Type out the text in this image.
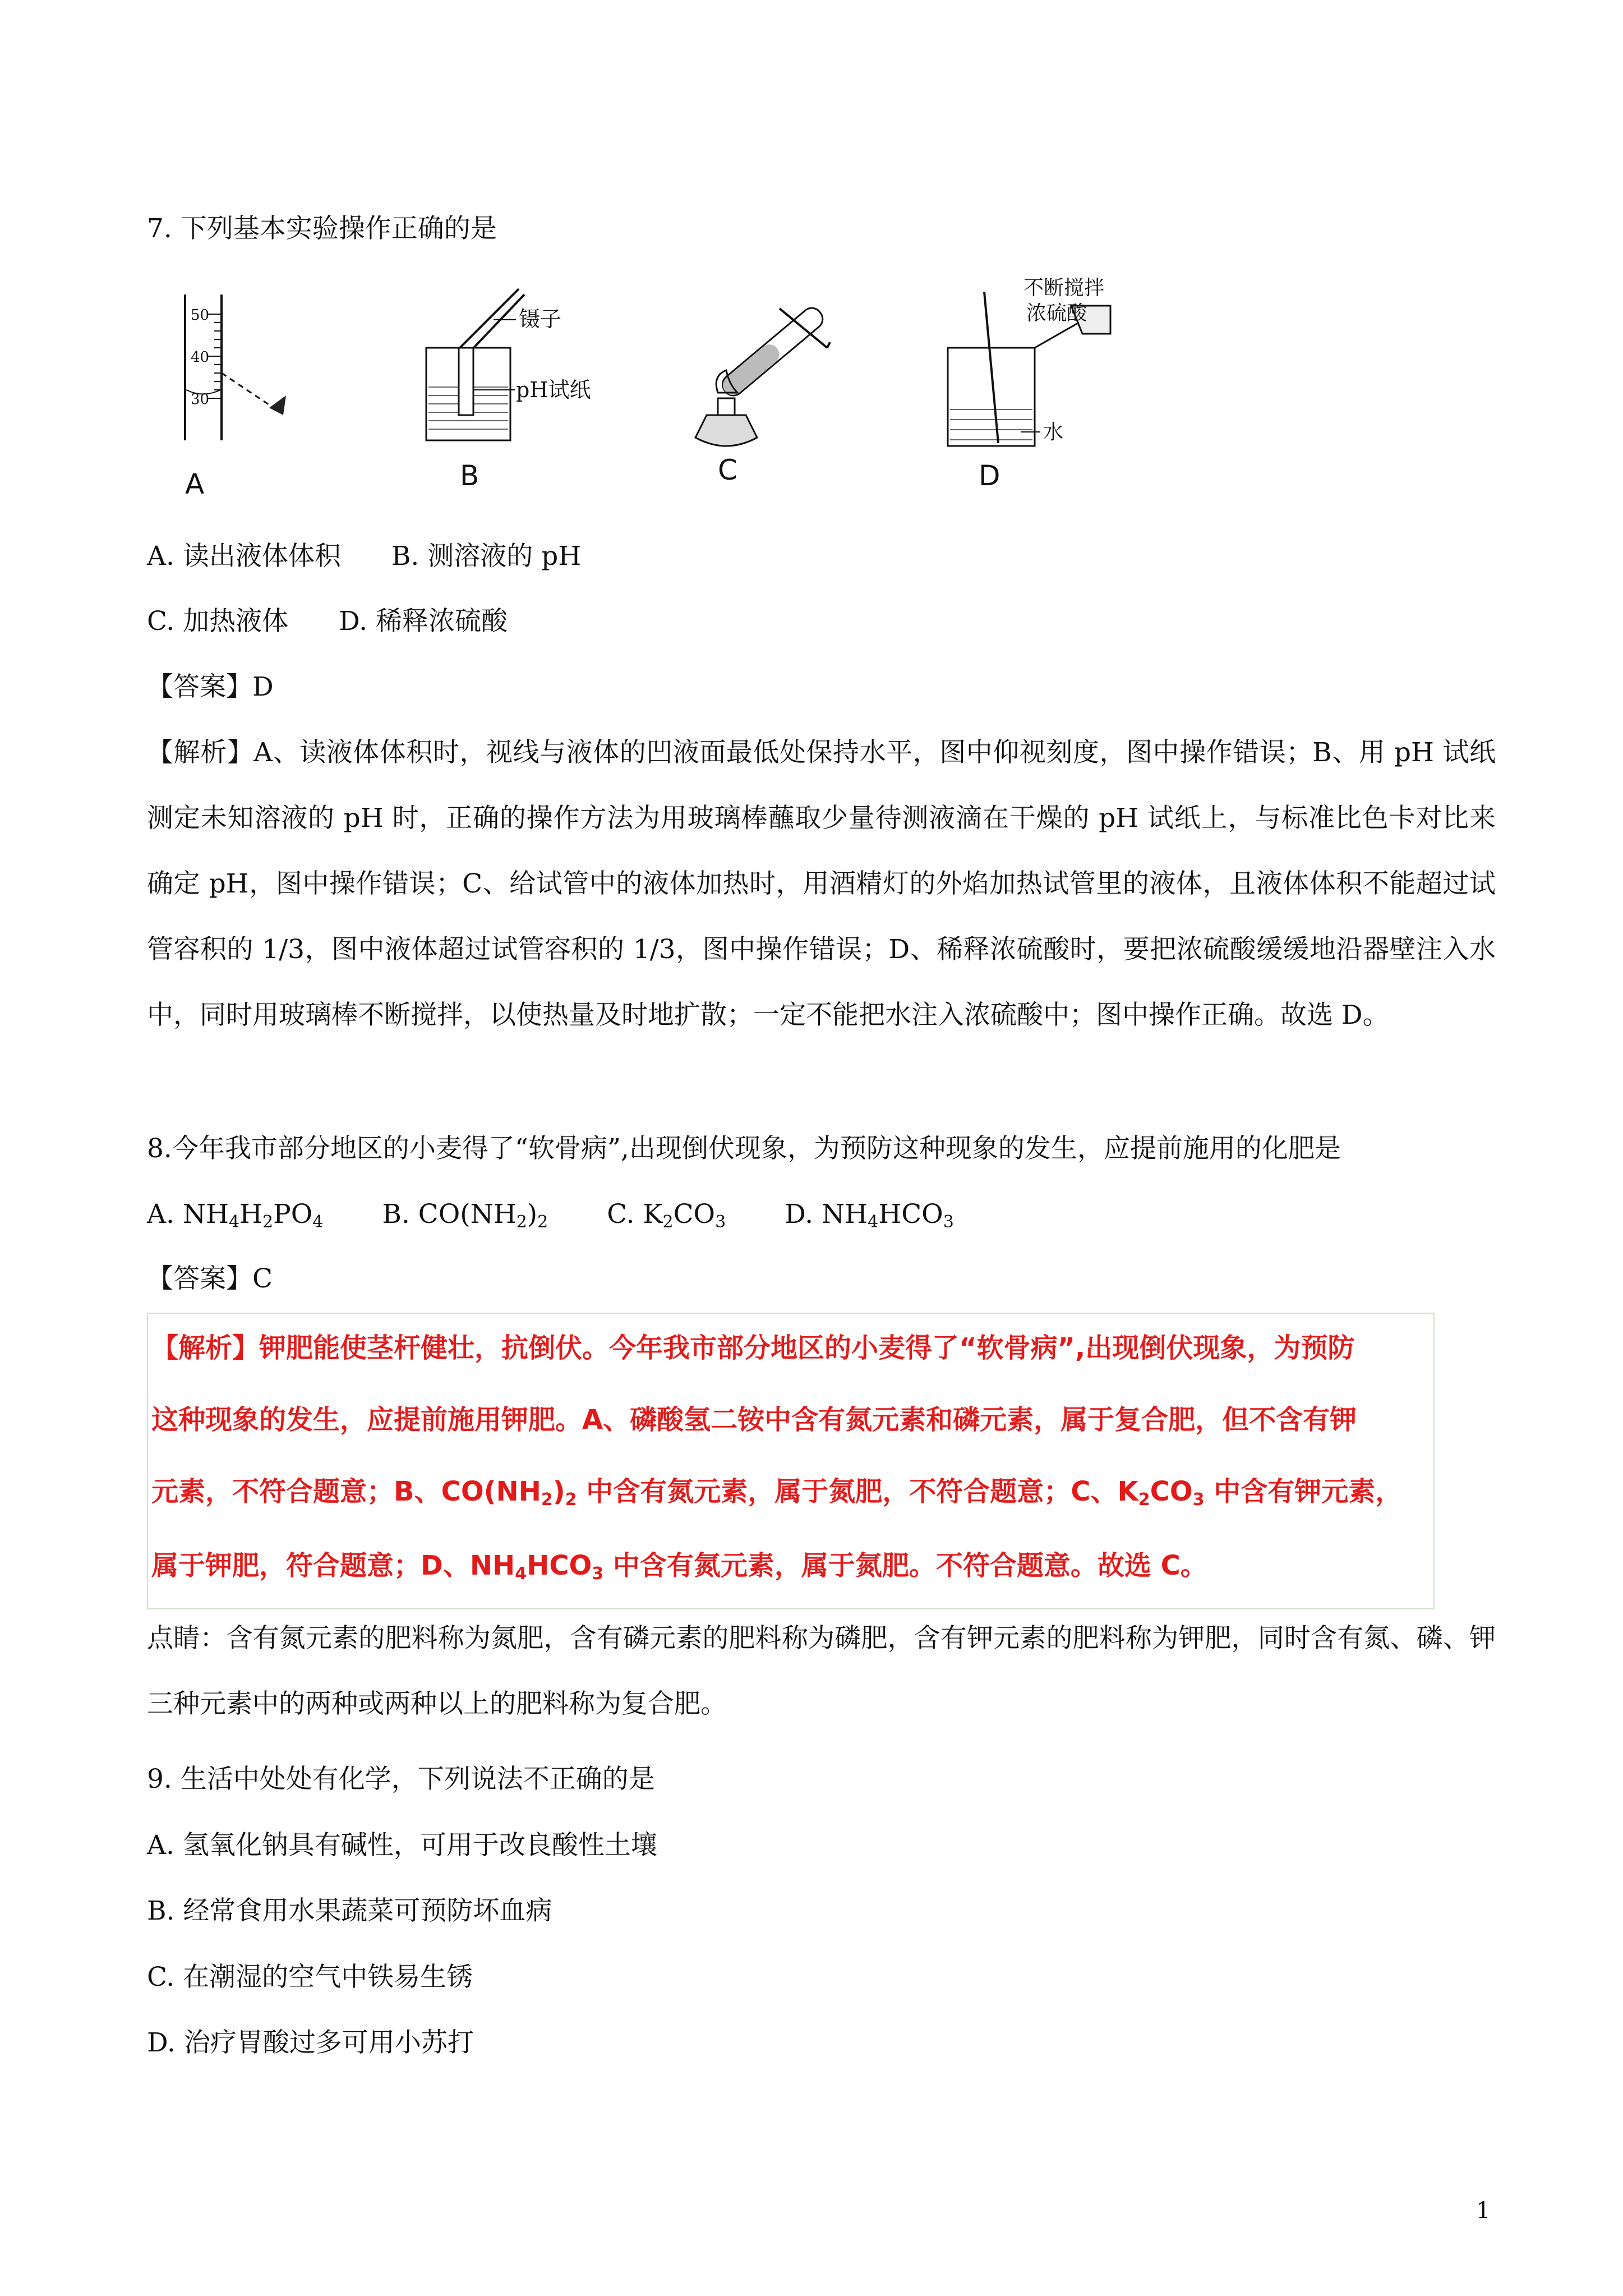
7. 下列基本实验操作正确的是
50
40
30
A
镊子
pH试纸
B	C
不断搅拌
浓硫酸
水
D
A. 读出液体体积 B. 测溶液的 pH
C. 加热液体 D. 稀释浓硫酸
【答案】D
【解析】A、读液体体积时，视线与液体的凹液面最低处保持水平，图中仰视刻度，图中操作错误；B、用 pH 试纸测定未知溶液的 pH 时，正确的操作方法为用玻璃棒蘸取少量待测液滴在干燥的 pH 试纸上，与标准比色卡对比来确定 pH，图中操作错误；C、给试管中的液体加热时，用酒精灯的外焰加热试管里的液体，且液体体积不能超过试管容积的 1/3，图中液体超过试管容积的 1/3，图中操作错误；D、稀释浓硫酸时，要把浓硫酸缓缓地沿器壁注入水中，同时用玻璃棒不断搅拌，以使热量及时地扩散；一定不能把水注入浓硫酸中；图中操作正确。故选 D。
8.今年我市部分地区的小麦得了“软骨病”,出现倒伏现象，为预防这种现象的发生，应提前施用的化肥是
A. $NH_4H_2PO_4$ B. $CO(NH_2)_2$ C. $K_2CO_3$ D. $NH_4HCO_3$
【答案】C
【解析】钾肥能使茎杆健壮，抗倒伏。今年我市部分地区的小麦得了“软骨病”,出现倒伏现象，为预防
这种现象的发生，应提前施用钾肥。A、磷酸氢二铵中含有氮元素和磷元素，属于复合肥，但不含有钾
元素，不符合题意；B、$CO(NH_2)_2$ 中含有氮元素，属于氮肥，不符合题意；C、$K_2CO_3$ 中含有钾元素，
属于钾肥，符合题意；D、$NH_4HCO_3$ 中含有氮元素，属于氮肥。不符合题意。故选 C。
点睛：含有氮元素的肥料称为氮肥，含有磷元素的肥料称为磷肥，含有钾元素的肥料称为钾肥，同时含有氮、磷、钾三种元素中的两种或两种以上的肥料称为复合肥。
9. 生活中处处有化学，下列说法不正确的是
A. 氢氧化钠具有碱性，可用于改良酸性土壤
B. 经常食用水果蔬菜可预防坏血病
C. 在潮湿的空气中铁易生锈
D. 治疗胃酸过多可用小苏打
1
